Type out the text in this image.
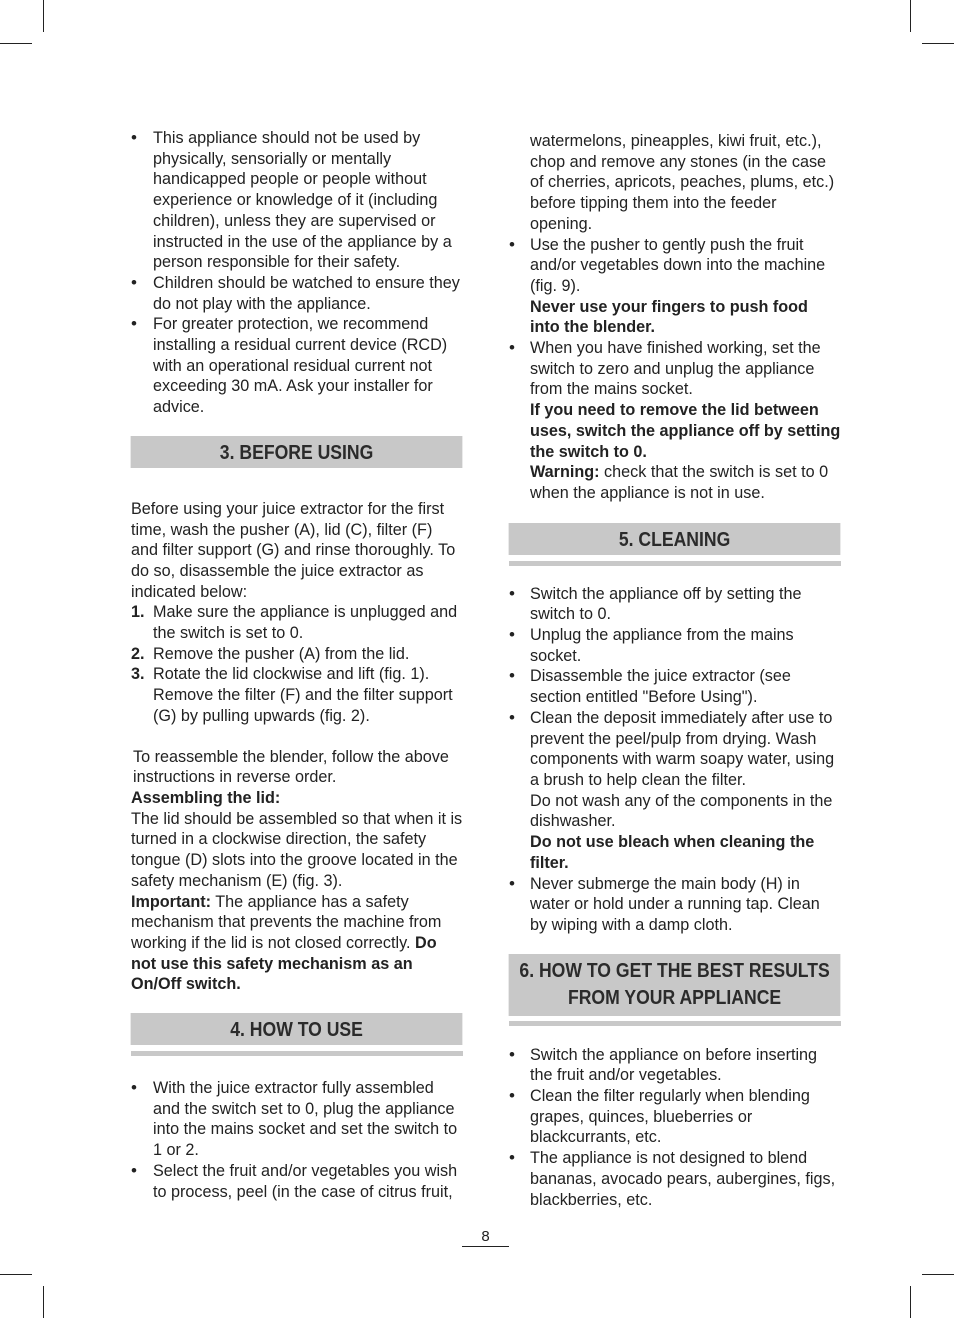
• This appliance should not be used by physically, sensorially or mentally handicapped people or people without experience or knowledge of it (including children), unless they are supervised or instructed in the use of the appliance by a person responsible for their safety.
• Children should be watched to ensure they do not play with the appliance.
• For greater protection, we recommend installing a residual current device (RCD) with an operational residual current not exceeding 30 mA. Ask your installer for advice.
3. BEFORE USING

Before using your juice extractor for the first time, wash the pusher (A), lid (C), filter (F) and filter support (G) and rinse thoroughly. To do so, disassemble the juice extractor as indicated below:

1. Make sure the appliance is unplugged and the switch is set to 0.
2. Remove the pusher (A) from the lid.
3. Rotate the lid clockwise and lift (fig. 1). Remove the filter (F) and the filter support (G) by pulling upwards (fig. 2).

To reassemble the blender, follow the above instructions in reverse order.

Assembling the lid:

The lid should be assembled so that when it is turned in a clockwise direction, the safety tongue (D) slots into the groove located in the safety mechanism (E) (fig. 3).

Important: The appliance has a safety mechanism that prevents the machine from working if the lid is not closed correctly. Do not use this safety mechanism as an On/Off switch.

4. HOW TO USE
• With the juice extractor fully assembled and the switch set to 0, plug the appliance into the mains socket and set the switch to 1 or 2.
• Select the fruit and/or vegetables you wish to process, peel (in the case of citrus fruit,

watermelons, pineapples, kiwi fruit, etc.), chop and remove any stones (in the case of cherries, apricots, peaches, plums, etc.) before tipping them into the feeder opening.

• Use the pusher to gently push the fruit and/or vegetables down into the machine (fig. 9).
Never use your fingers to push food into the blender.
• When you have finished working, set the switch to zero and unplug the appliance from the mains socket.
If you need to remove the lid between uses, switch the appliance off by setting the switch to 0.
Warning: check that the switch is set to 0 when the appliance is not in use.
5. CLEANING
• Switch the appliance off by setting the switch to 0.
• Unplug the appliance from the mains socket.
• Disassemble the juice extractor (see section entitled "Before Using").
• Clean the deposit immediately after use to prevent the peel/pulp from drying. Wash components with warm soapy water, using a brush to help clean the filter.
Do not wash any of the components in the dishwasher.
Do not use bleach when cleaning the filter.
• Never submerge the main body (H) in water or hold under a running tap. Clean by wiping with a damp cloth.
6. HOW TO GET THE BEST RESULTS
FROM YOUR APPLIANCE
• Switch the appliance on before inserting the fruit and/or vegetables.
• Clean the filter regularly when blending grapes, quinces, blueberries or blackcurrants, etc.
• The appliance is not designed to blend bananas, avocado pears, aubergines, figs, blackberries, etc.
8
